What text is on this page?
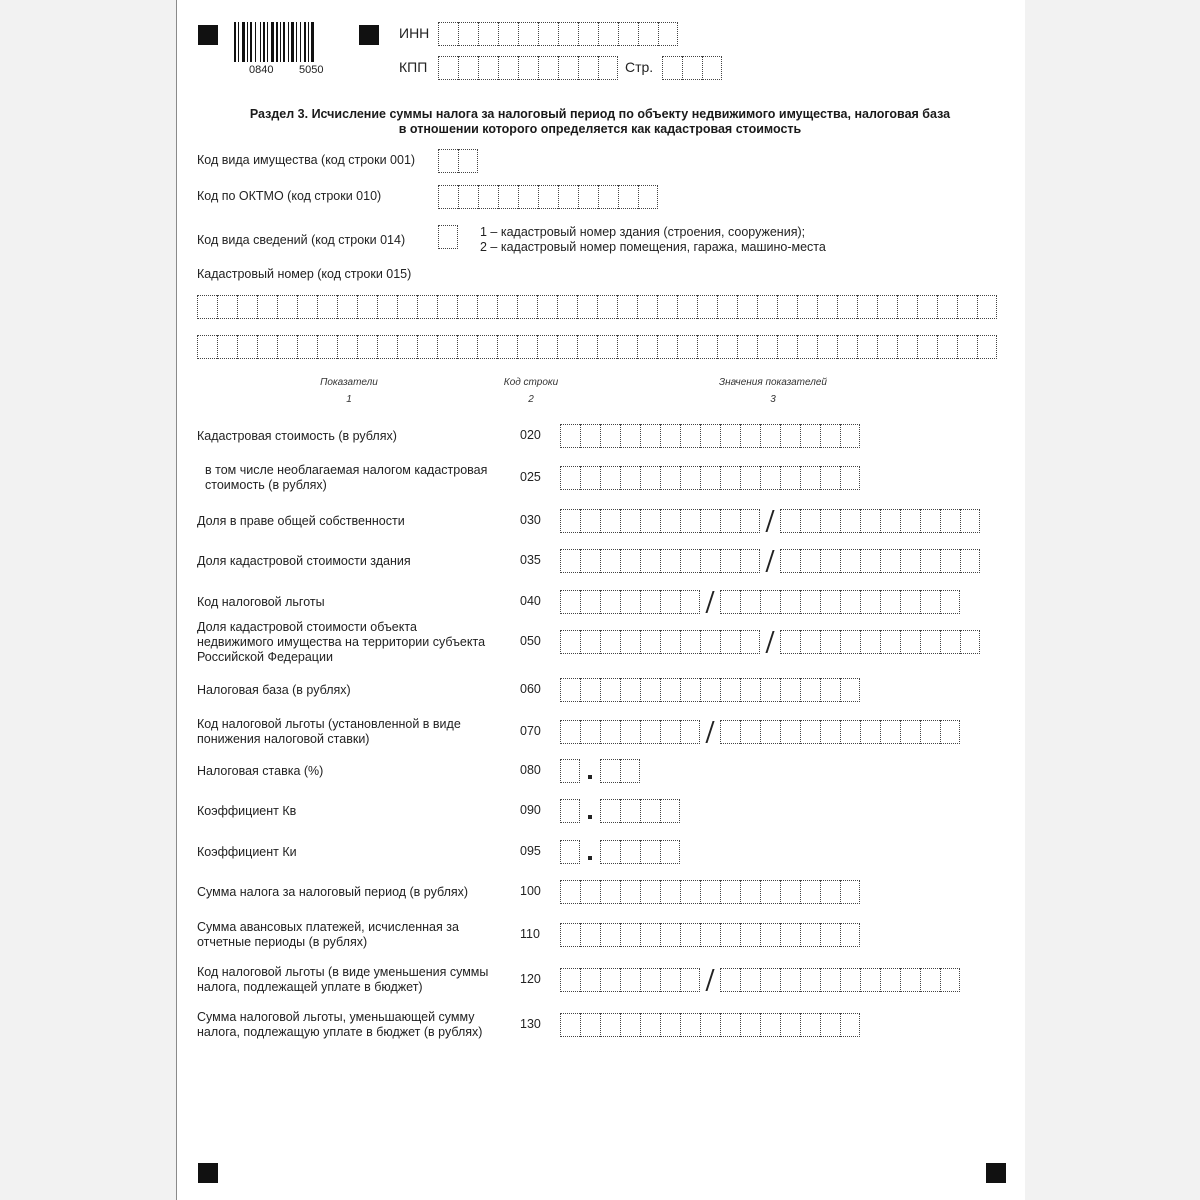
0840 5050
ИНН
КПП	Стр.
Раздел 3. Исчисление суммы налога за налоговый период по объекту недвижимого имущества, налоговая база
в отношении которого определяется как кадастровая стоимость
Код вида имущества (код строки 001)
Код по ОКТМО (код строки 010)
Код вида сведений (код строки 014)
1 – кадастровый номер здания (строения, сооружения);
2 – кадастровый номер помещения, гаража, машино-места
Кадастровый номер (код строки 015)
Показатели
1
Код строки
2
Значения показателей
3
Кадастровая стоимость (в рублях)	020
в том числе необлагаемая налогом кадастровая
стоимость (в рублях)
025
Доля в праве общей собственности	030
Доля кадастровой стоимости здания	035
Код налоговой льготы	040
Доля кадастровой стоимости объекта
недвижимого имущества на территории субъекта
Российской Федерации
050
Налоговая база (в рублях)	060
Код налоговой льготы (установленной в виде
понижения налоговой ставки)
070
Налоговая ставка (%)	080
Коэффициент Кв	090
Коэффициент Ки	095
Сумма налога за налоговый период (в рублях)	100
Сумма авансовых платежей, исчисленная за
отчетные периоды (в рублях)
110
Код налоговой льготы (в виде уменьшения суммы
налога, подлежащей уплате в бюджет)
120
Сумма налоговой льготы, уменьшающей сумму
налога, подлежащую уплате в бюджет (в рублях)
130
